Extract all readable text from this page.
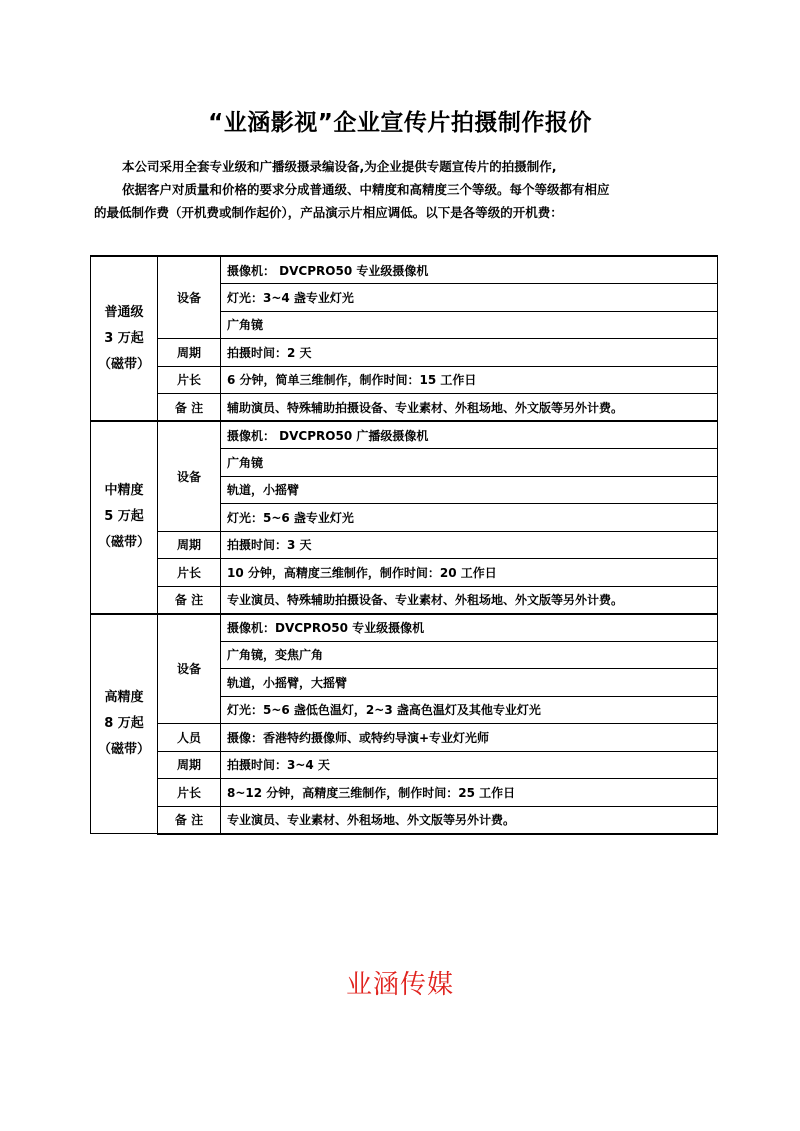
“业涵影视”企业宣传片拍摄制作报价

本公司采用全套专业级和广播级摄录编设备,为企业提供专题宣传片的拍摄制作,

依据客户对质量和价格的要求分成普通级、中精度和高精度三个等级。每个等级都有相应

的最低制作费（开机费或制作起价），产品演示片相应调低。以下是各等级的开机费：

普通级
3 万起
（磁带）	设备	摄像机： DVCPRO50 专业级摄像机
		灯光：3~4 盏专业灯光
		广角镜
	周期	拍摄时间：2 天
	片长	6 分钟，简单三维制作，制作时间：15 工作日
	备 注	辅助演员、特殊辅助拍摄设备、专业素材、外租场地、外文版等另外计费。

中精度
5 万起
（磁带）	设备	摄像机： DVCPRO50 广播级摄像机
		广角镜
		轨道，小摇臂
		灯光：5~6 盏专业灯光
	周期	拍摄时间：3 天
	片长	10 分钟，高精度三维制作，制作时间：20 工作日
	备 注	专业演员、特殊辅助拍摄设备、专业素材、外租场地、外文版等另外计费。

高精度
8 万起
（磁带）	设备	摄像机：DVCPRO50 专业级摄像机
		广角镜，变焦广角
		轨道，小摇臂，大摇臂
		灯光：5~6 盏低色温灯，2~3 盏高色温灯及其他专业灯光
	人员	摄像：香港特约摄像师、或特约导演+专业灯光师
	周期	拍摄时间：3~4 天
	片长	8~12 分钟，高精度三维制作，制作时间：25 工作日
	备 注	专业演员、专业素材、外租场地、外文版等另外计费。
业涵传媒
